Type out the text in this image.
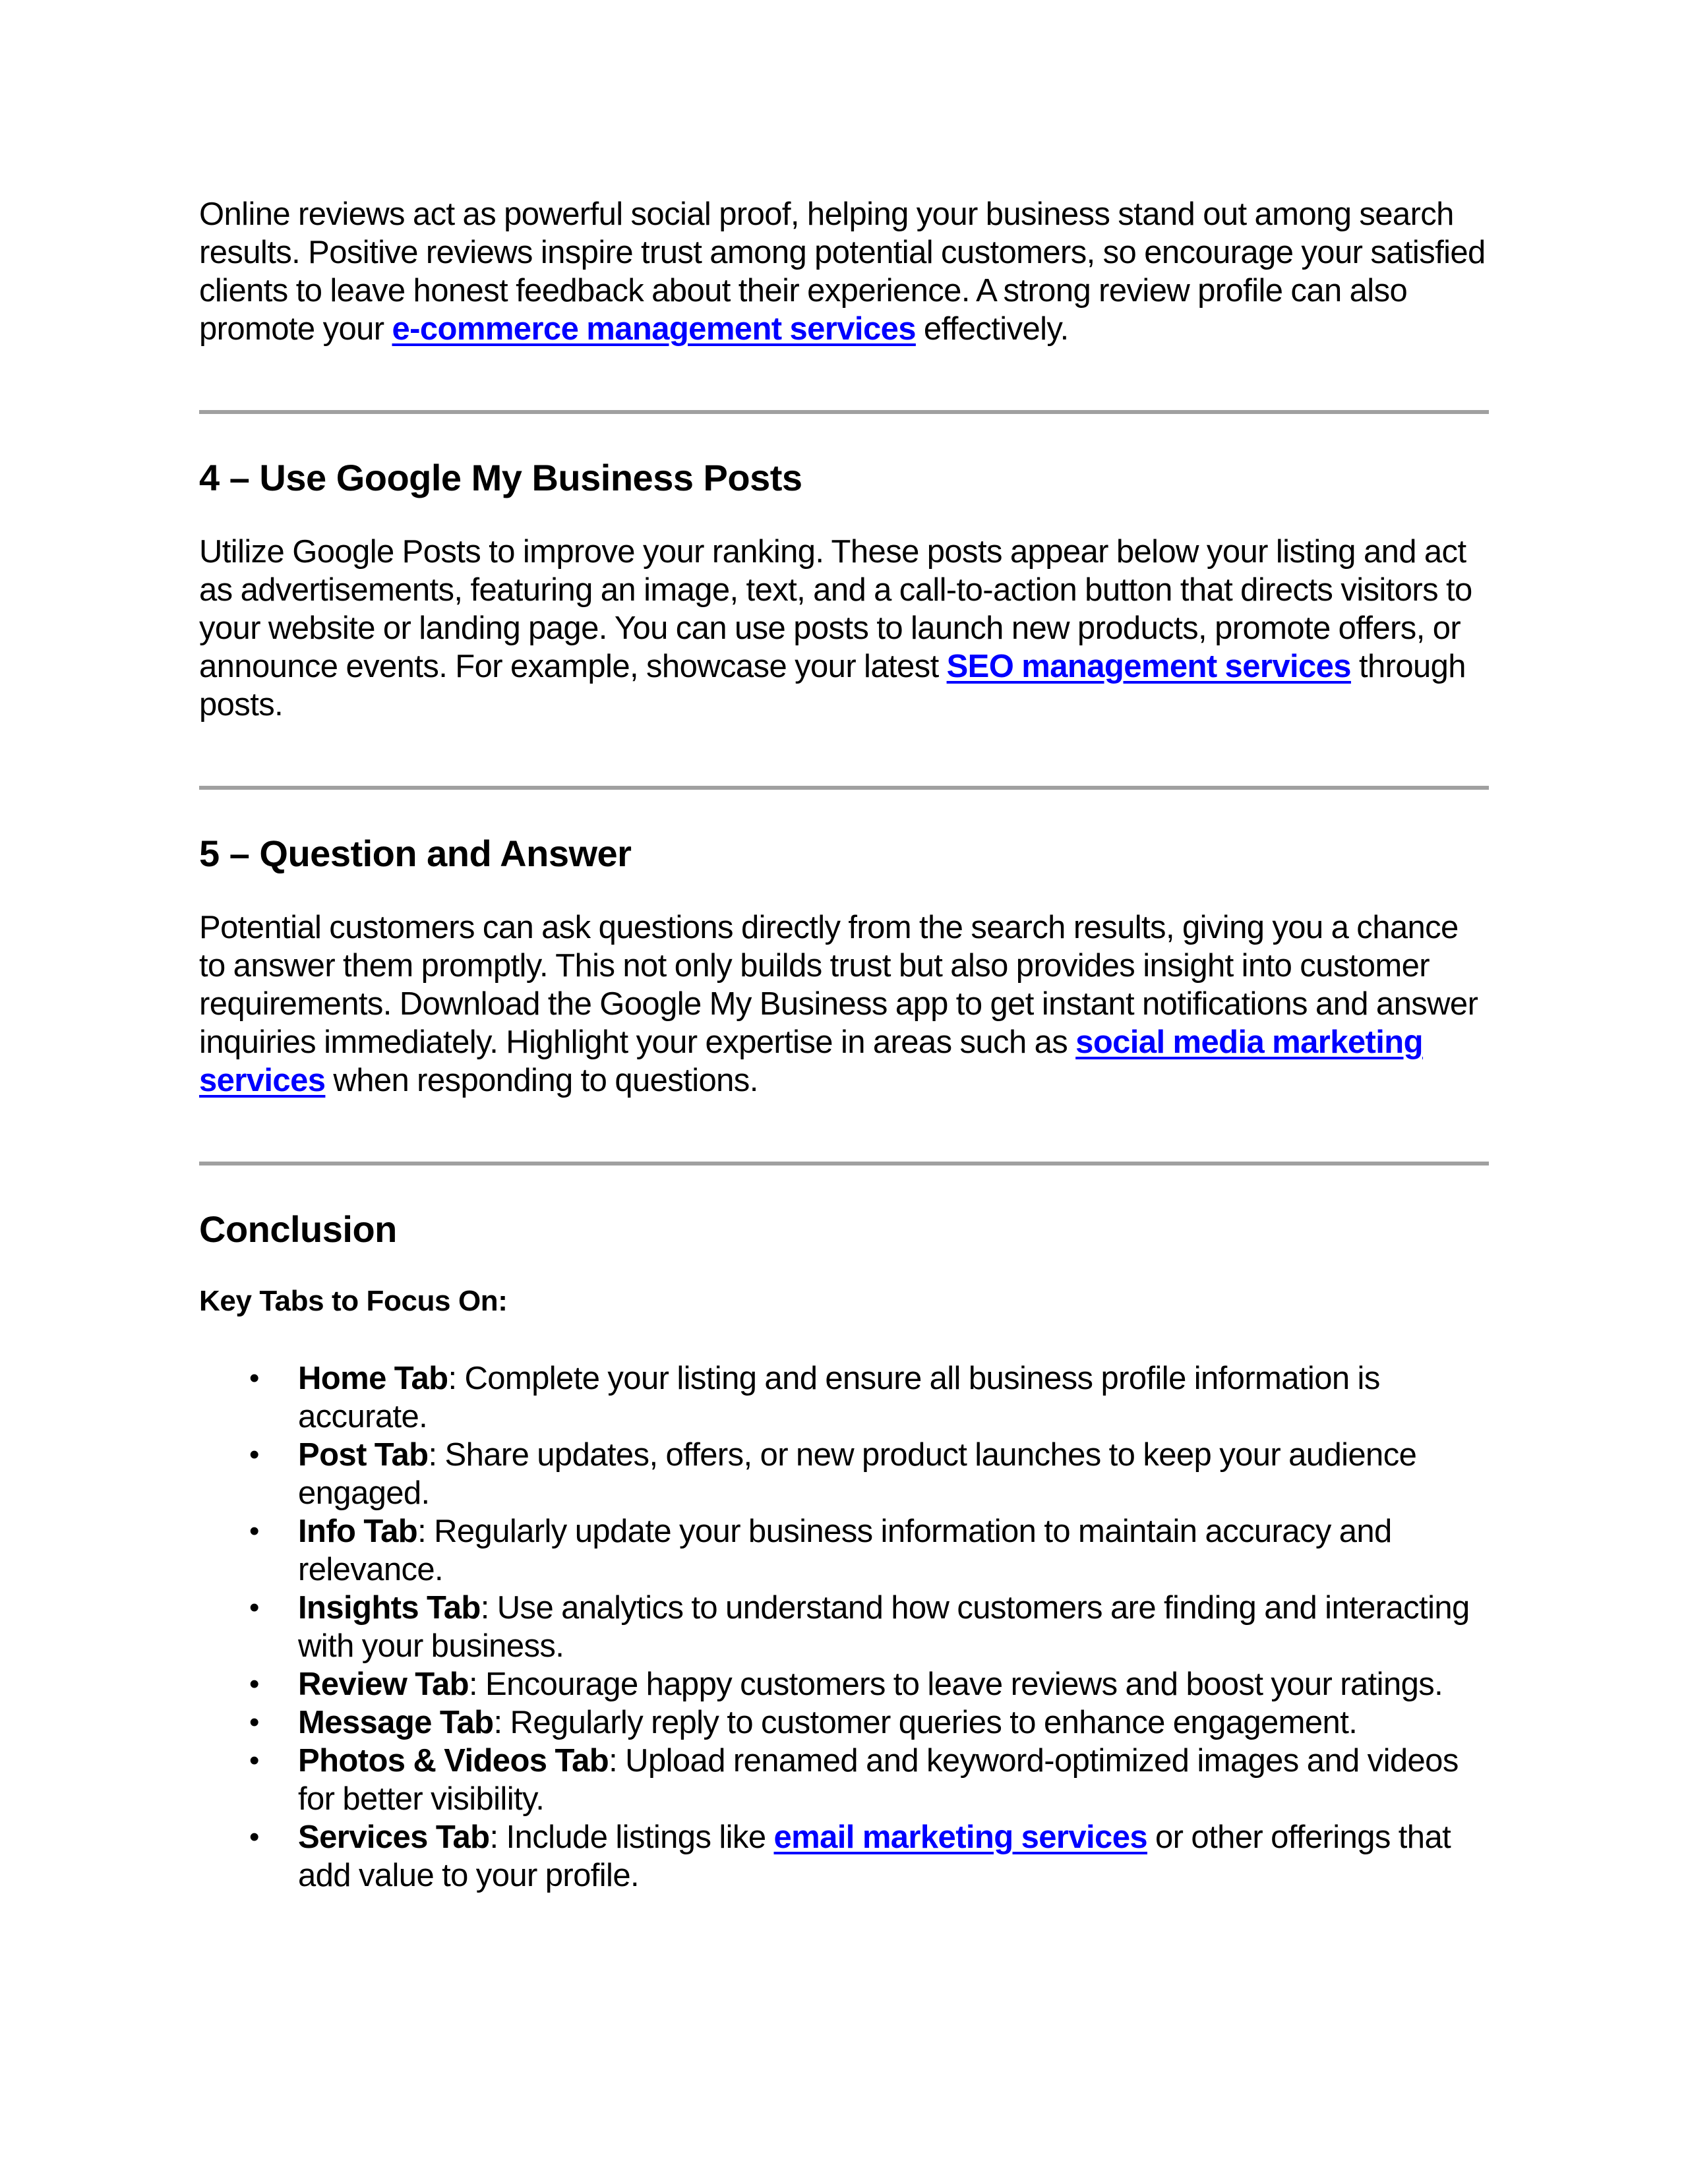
Online reviews act as powerful social proof, helping your business stand out among search results. Positive reviews inspire trust among potential customers, so encourage your satisfied clients to leave honest feedback about their experience. A strong review profile can also promote your e-commerce management services effectively.

4 – Use Google My Business Posts

Utilize Google Posts to improve your ranking. These posts appear below your listing and act as advertisements, featuring an image, text, and a call-to-action button that directs visitors to your website or landing page. You can use posts to launch new products, promote offers, or announce events. For example, showcase your latest SEO management services through posts.

5 – Question and Answer

Potential customers can ask questions directly from the search results, giving you a chance to answer them promptly. This not only builds trust but also provides insight into customer requirements. Download the Google My Business app to get instant notifications and answer inquiries immediately. Highlight your expertise in areas such as social media marketing services when responding to questions.

Conclusion
Key Tabs to Focus On:
• Home Tab: Complete your listing and ensure all business profile information is accurate.
• Post Tab: Share updates, offers, or new product launches to keep your audience engaged.
• Info Tab: Regularly update your business information to maintain accuracy and relevance.
• Insights Tab: Use analytics to understand how customers are finding and interacting with your business.
• Review Tab: Encourage happy customers to leave reviews and boost your ratings.
• Message Tab: Regularly reply to customer queries to enhance engagement.
• Photos & Videos Tab: Upload renamed and keyword-optimized images and videos for better visibility.
• Services Tab: Include listings like email marketing services or other offerings that add value to your profile.
